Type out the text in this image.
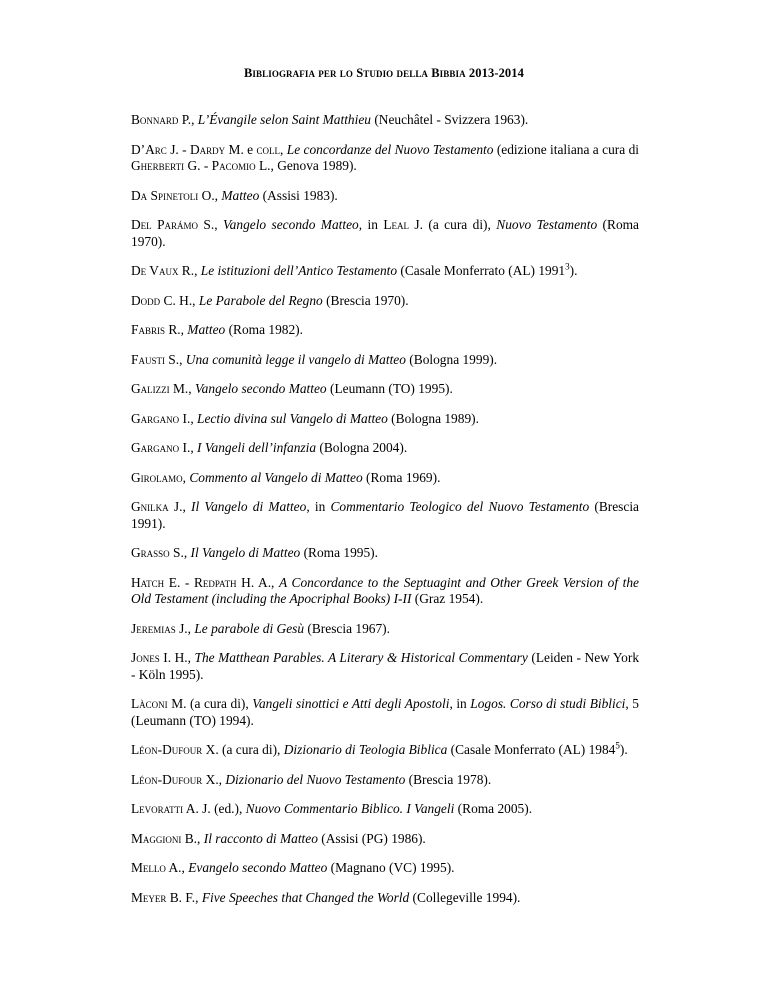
Bibliografia per lo Studio della Bibbia 2013-2014
Bonnard P., L’Évangile selon Saint Matthieu (Neuchâtel - Svizzera 1963).
D’Arc J. - Dardy M. e coll, Le concordanze del Nuovo Testamento (edizione italiana a cura di Gherberti G. - Pacomio L., Genova 1989).
Da Spinetoli O., Matteo (Assisi 1983).
Del Parámo S., Vangelo secondo Matteo, in Leal J. (a cura di), Nuovo Testamento (Roma 1970).
De Vaux R., Le istituzioni dell’Antico Testamento (Casale Monferrato (AL) 1991$^3$).
Dodd C. H., Le Parabole del Regno (Brescia 1970).
Fabris R., Matteo (Roma 1982).
Fausti S., Una comunità legge il vangelo di Matteo (Bologna 1999).
Galizzi M., Vangelo secondo Matteo (Leumann (TO) 1995).
Gargano I., Lectio divina sul Vangelo di Matteo (Bologna 1989).
Gargano I., I Vangeli dell’infanzia (Bologna 2004).
Girolamo, Commento al Vangelo di Matteo (Roma 1969).
Gnilka J., Il Vangelo di Matteo, in Commentario Teologico del Nuovo Testamento (Brescia 1991).
Grasso S., Il Vangelo di Matteo (Roma 1995).
Hatch E. - Redpath H. A., A Concordance to the Septuagint and Other Greek Version of the Old Testament (including the Apocriphal Books) I-II (Graz 1954).
Jeremias J., Le parabole di Gesù (Brescia 1967).
Jones I. H., The Matthean Parables. A Literary & Historical Commentary (Leiden - New York - Köln 1995).
Làconi M. (a cura di), Vangeli sinottici e Atti degli Apostoli, in Logos. Corso di studi Biblici, 5 (Leumann (TO) 1994).
Léon-Dufour X. (a cura di), Dizionario di Teologia Biblica (Casale Monferrato (AL) 1984$^5$).
Léon-Dufour X., Dizionario del Nuovo Testamento (Brescia 1978).
Levoratti A. J. (ed.), Nuovo Commentario Biblico. I Vangeli (Roma 2005).
Maggioni B., Il racconto di Matteo (Assisi (PG) 1986).
Mello A., Evangelo secondo Matteo (Magnano (VC) 1995).
Meyer B. F., Five Speeches that Changed the World (Collegeville 1994).
